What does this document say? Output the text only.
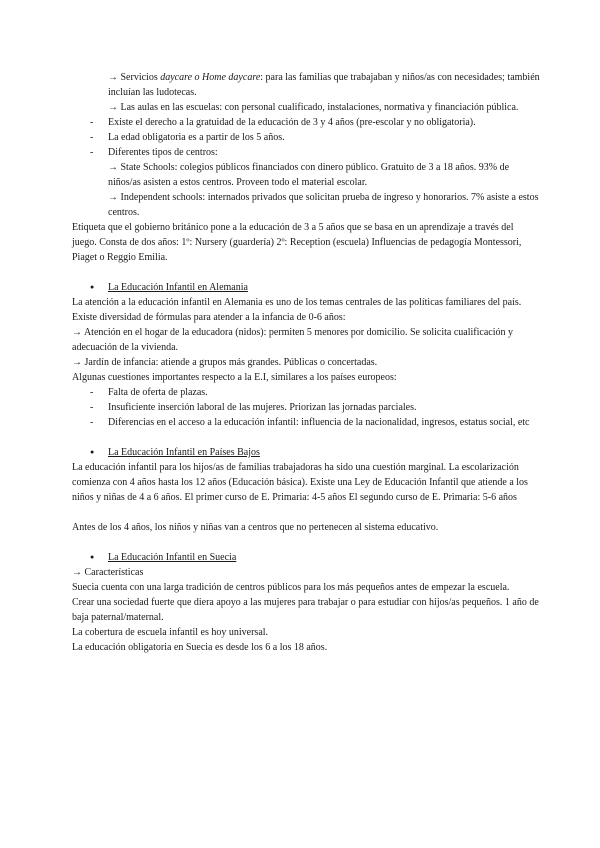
→ Servicios daycare o Home daycare: para las familias que trabajaban y niños/as con necesidades; también incluían las ludotecas.

→ Las aulas en las escuelas: con personal cualificado, instalaciones, normativa y financiación pública.

- Existe el derecho a la gratuidad de la educación de 3 y 4 años (pre-escolar y no obligatoria).

- La edad obligatoria es a partir de los 5 años.

- Diferentes tipos de centros:

→ State Schools: colegios públicos financiados con dinero público. Gratuito de 3 a 18 años. 93% de niños/as asisten a estos centros. Proveen todo el material escolar.

→ Independent schools: internados privados que solicitan prueba de ingreso y honorarios. 7% asiste a estos centros.

Etiqueta que el gobierno británico pone a la educación de 3 a 5 años que se basa en un aprendizaje a través del juego. Consta de dos años: 1º: Nursery (guardería) 2º: Reception (escuela) Influencias de pedagogía Montessori, Piaget o Reggio Emilia.

● La Educación Infantil en Alemania

La atención a la educación infantil en Alemania es uno de los temas centrales de las políticas familiares del país.

Existe diversidad de fórmulas para atender a la infancia de 0-6 años:

→ Atención en el hogar de la educadora (nidos): permiten 5 menores por domicilio. Se solicita cualificación y adecuación de la vivienda.

→ Jardín de infancia: atiende a grupos más grandes. Públicas o concertadas.

Algunas cuestiones importantes respecto a la E.I, similares a los países europeos:

- Falta de oferta de plazas.

- Insuficiente inserción laboral de las mujeres. Priorizan las jornadas parciales.

- Diferencias en el acceso a la educación infantil: influencia de la nacionalidad, ingresos, estatus social, etc

● La Educación Infantil en Países Bajos

La educación infantil para los hijos/as de familias trabajadoras ha sido una cuestión marginal. La escolarización comienza con 4 años hasta los 12 años (Educación básica). Existe una Ley de Educación Infantil que atiende a los niños y niñas de 4 a 6 años. El primer curso de E. Primaria: 4-5 años El segundo curso de E. Primaria: 5-6 años

Antes de los 4 años, los niños y niñas van a centros que no pertenecen al sistema educativo.

● La Educación Infantil en Suecia

→ Características

Suecia cuenta con una larga tradición de centros públicos para los más pequeños antes de empezar la escuela.

Crear una sociedad fuerte que diera apoyo a las mujeres para trabajar o para estudiar con hijos/as pequeños. 1 año de baja paternal/maternal.

La cobertura de escuela infantil es hoy universal.

La educación obligatoria en Suecia es desde los 6 a los 18 años.
